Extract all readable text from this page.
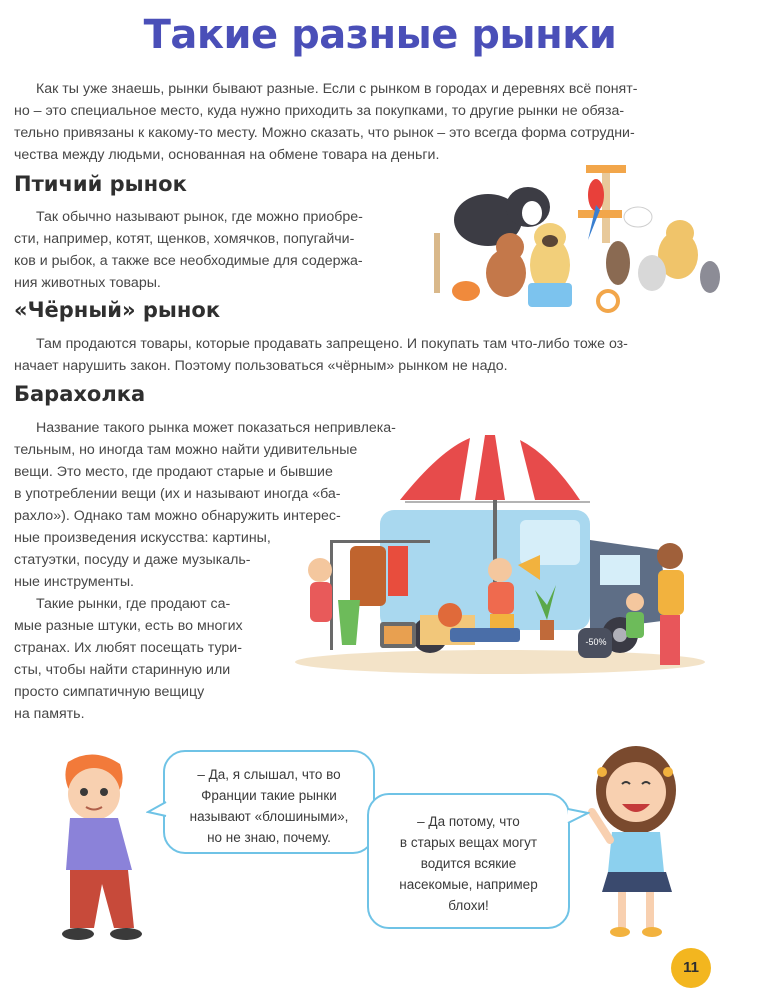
Такие разные рынки
Как ты уже знаешь, рынки бывают разные. Если с рынком в городах и деревнях всё понят-
но – это специальное место, куда нужно приходить за покупками, то другие рынки не обяза-
тельно привязаны к какому-то месту. Можно сказать, что рынок – это всегда форма сотрудни-
чества между людьми, основанная на обмене товара на деньги.
Птичий рынок
Так обычно называют рынок, где можно приобре-
сти, например, котят, щенков, хомячков, попугайчи-
ков и рыбок, а также все необходимые для содержа-
ния животных товары.
«Чёрный» рынок
Там продаются товары, которые продавать запрещено. И покупать там что-либо тоже оз-
начает нарушить закон. Поэтому пользоваться «чёрным» рынком не надо.
Барахолка
Название такого рынка может показаться непривлека-
тельным, но иногда там можно найти удивительные
вещи. Это место, где продают старые и бывшие
в употреблении вещи (их и называют иногда «ба-
рахло»). Однако там можно обнаружить интерес-
ные произведения искусства: картины,
статуэтки, посуду и даже музыкаль-
ные инструменты.
Такие рынки, где продают са-
мые разные штуки, есть во многих
странах. Их любят посещать тури-
сты, чтобы найти старинную или
просто симпатичную вещицу
на память.
-50%
– Да, я слышал, что во
Франции такие рынки
называют «блошиными»,
но не знаю, почему.
– Да потому, что
в старых вещах могут
водится всякие
насекомые, например
блохи!
11
